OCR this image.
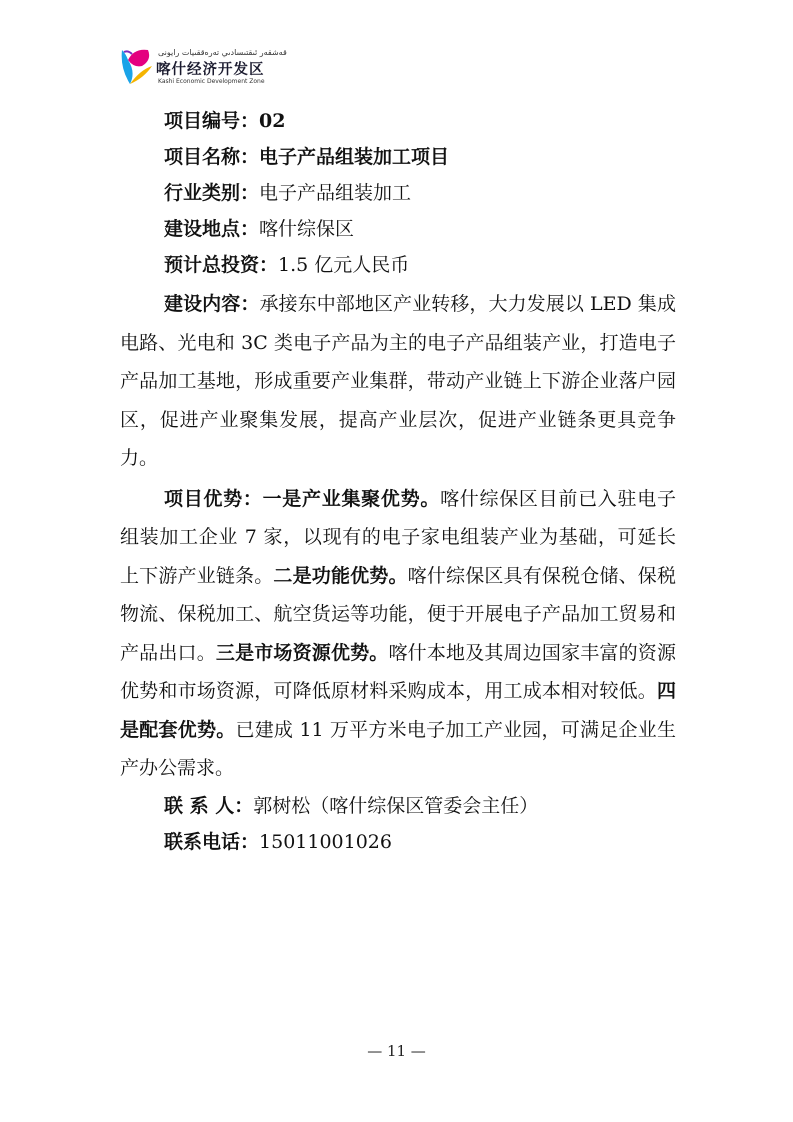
قەشقەر ئىقتىسادىي تەرەققىيات رايونى
喀什经济开发区
Kashi Economic Development Zone

项目编号：02

项目名称：电子产品组装加工项目

行业类别：电子产品组装加工

建设地点：喀什综保区

预计总投资：1.5 亿元人民币

建设内容：承接东中部地区产业转移，大力发展以 LED 集成电路、光电和 3C 类电子产品为主的电子产品组装产业，打造电子产品加工基地，形成重要产业集群，带动产业链上下游企业落户园区，促进产业聚集发展，提高产业层次，促进产业链条更具竞争力。

项目优势：一是产业集聚优势。喀什综保区目前已入驻电子组装加工企业 7 家，以现有的电子家电组装产业为基础，可延长上下游产业链条。二是功能优势。喀什综保区具有保税仓储、保税物流、保税加工、航空货运等功能，便于开展电子产品加工贸易和产品出口。三是市场资源优势。喀什本地及其周边国家丰富的资源优势和市场资源，可降低原材料采购成本，用工成本相对较低。四是配套优势。已建成 11 万平方米电子加工产业园，可满足企业生产办公需求。

联 系 人：郭树松（喀什综保区管委会主任）

联系电话：15011001026

— 11 —
